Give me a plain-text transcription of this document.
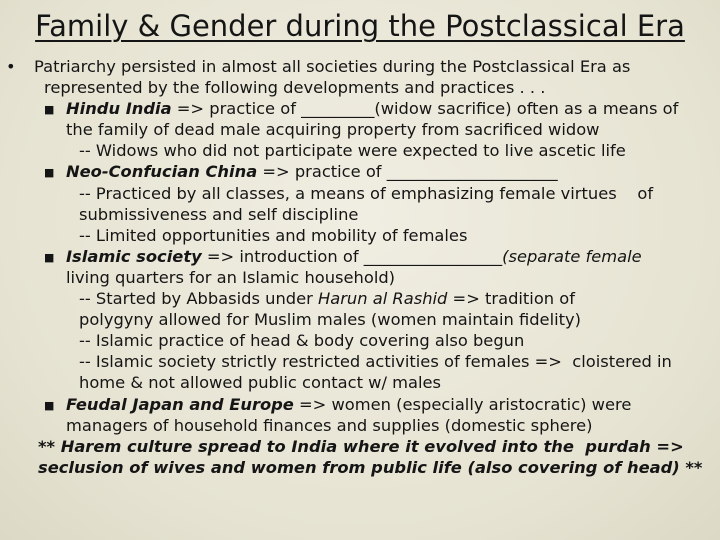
Family & Gender during the Postclassical Era
• Patriarchy persisted in almost all societies during the Postclassical Era as
represented by the following developments and practices . . .
■ Hindu India => practice of _________(widow sacrifice) often as a means of
the family of dead male acquiring property from sacrificed widow
-- Widows who did not participate were expected to live ascetic life
■ Neo-Confucian China => practice of _____________________
-- Practiced by all classes, a means of emphasizing female virtues    of
submissiveness and self discipline
-- Limited opportunities and mobility of females
■ Islamic society => introduction of _________________(separate female
living quarters for an Islamic household)
-- Started by Abbasids under Harun al Rashid => tradition of
polygyny allowed for Muslim males (women maintain fidelity)
-- Islamic practice of head & body covering also begun
-- Islamic society strictly restricted activities of females =>  cloistered in
home & not allowed public contact w/ males
■ Feudal Japan and Europe => women (especially aristocratic) were
managers of household finances and supplies (domestic sphere)
** Harem culture spread to India where it evolved into the  purdah =>
seclusion of wives and women from public life (also covering of head) **
